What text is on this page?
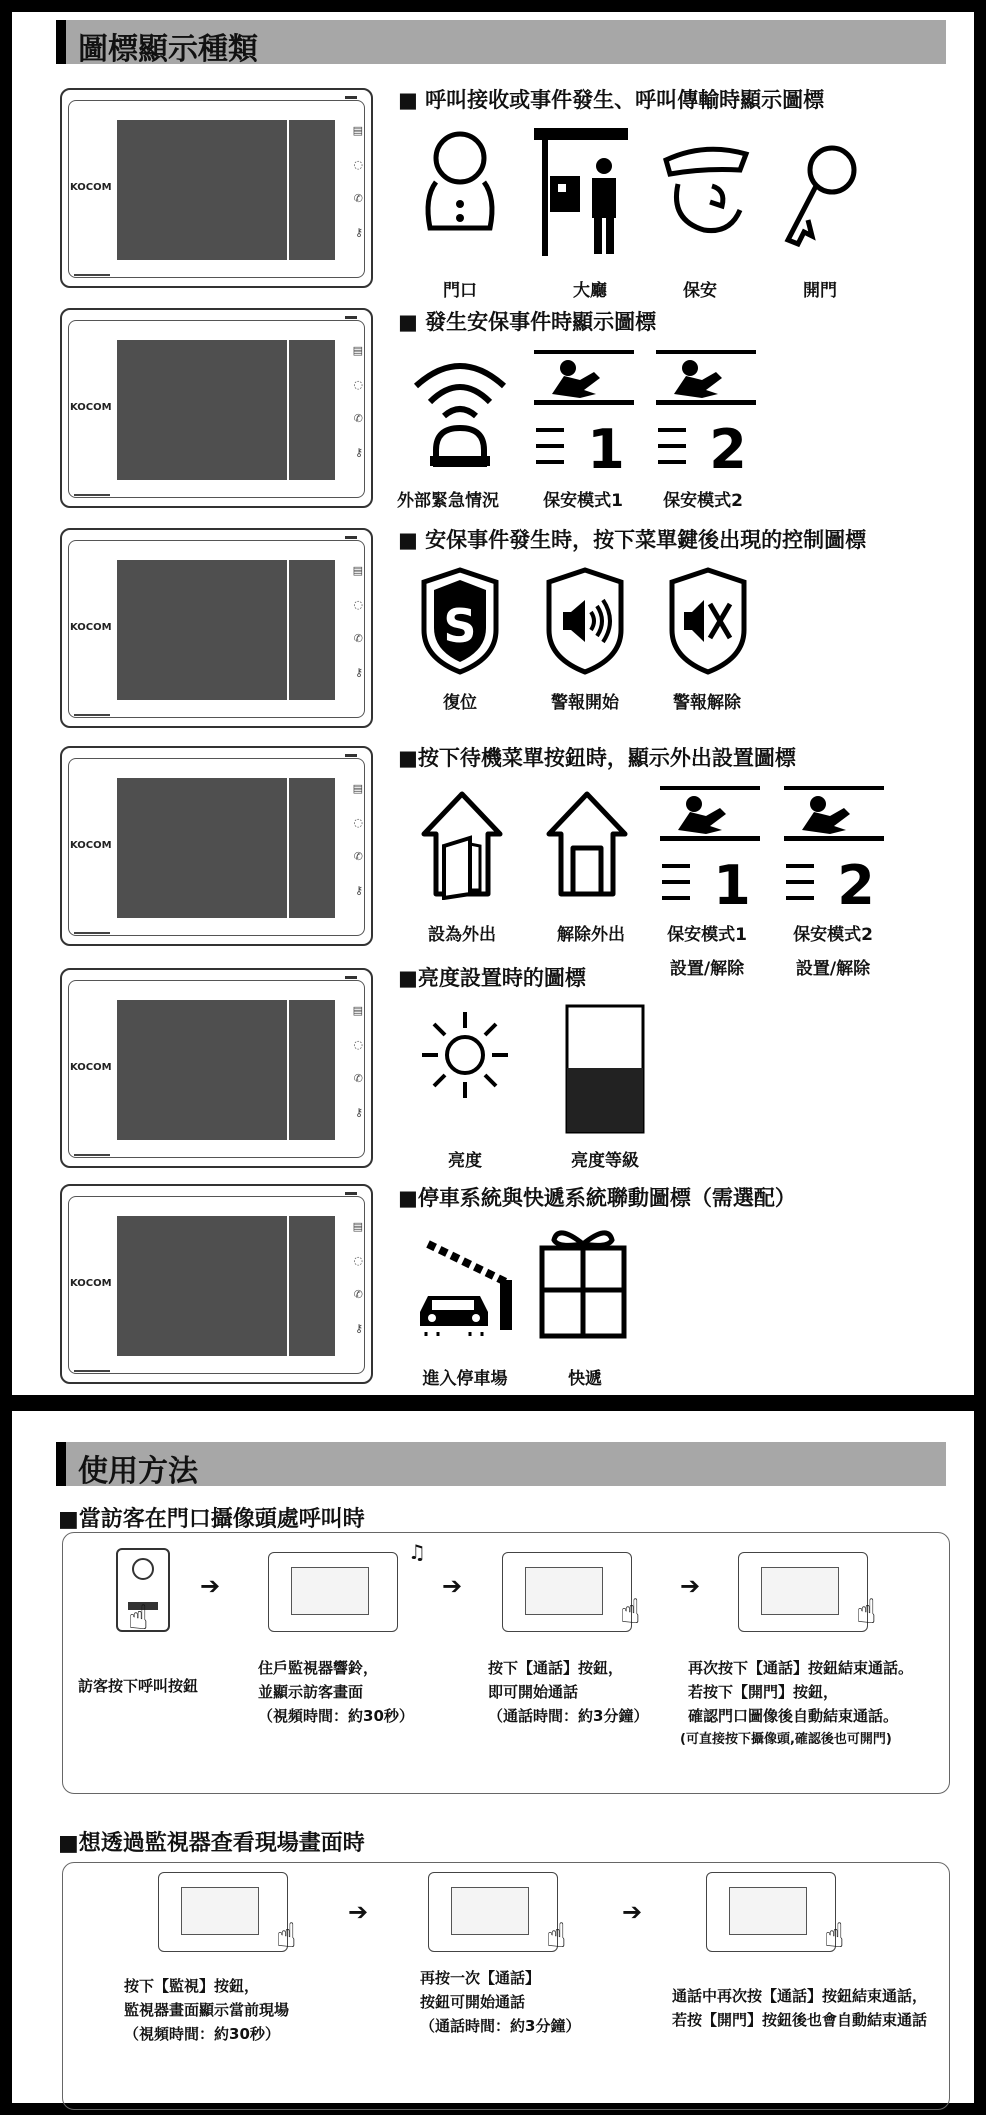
圖標顯示種類
KOCOM
▤
◌
✆
⚷
KOCOM
▤
◌
✆
⚷
KOCOM
▤
◌
✆
⚷
KOCOM
▤
◌
✆
⚷
KOCOM
▤
◌
✆
⚷
KOCOM
▤
◌
✆
⚷
■ 呼叫接收或事件發生、呼叫傳輸時顯示圖標
門口	大廳	保安	開門
■ 發生安保事件時顯示圖標
1 2
外部緊急情況	保安模式1	保安模式2
■ 安保事件發生時，按下菜單鍵後出現的控制圖標
S
復位	警報開始	警報解除
■按下待機菜單按鈕時，顯示外出設置圖標
1 2
設為外出	解除外出	保安模式1	保安模式2
設置/解除	設置/解除
■亮度設置時的圖標
亮度	亮度等級
■停車系統與快遞系統聯動圖標（需選配）
進入停車場	快遞
使用方法
■當訪客在門口攝像頭處呼叫時
☝
♫
☝	☝
➔	➔	➔
訪客按下呼叫按鈕
住戶監視器響鈴，
並顯示訪客畫面
（視頻時間：約30秒）
按下【通話】按鈕，
即可開始通話
（通話時間：約3分鐘）
再次按下【通話】按鈕結束通話。
若按下【開門】按鈕，
確認門口圖像後自動結束通話。
(可直接按下攝像頭,確認後也可開門)
■想透過監視器查看現場畫面時
☝	☝	☝
➔	➔
按下【監視】按鈕，
監視器畫面顯示當前現場
（視頻時間：約30秒）
再按一次【通話】
按鈕可開始通話
（通話時間：約3分鐘）
通話中再次按【通話】按鈕結束通話，
若按【開門】按鈕後也會自動結束通話
